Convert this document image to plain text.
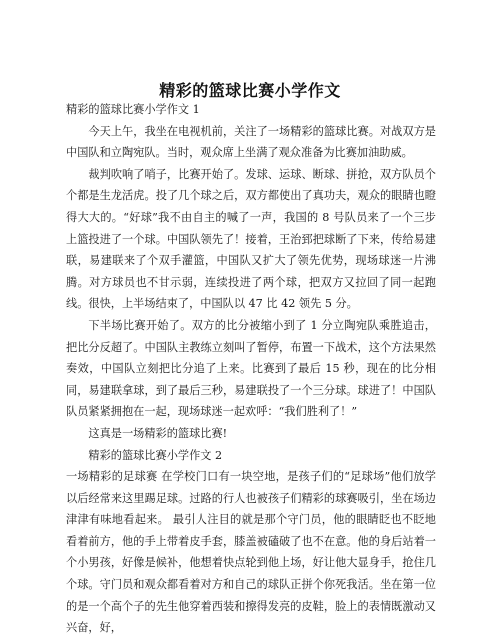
精彩的篮球比赛小学作文

精彩的篮球比赛小学作文 1

今天上午，我坐在电视机前，关注了一场精彩的篮球比赛。对战双方是中国队和立陶宛队。当时，观众席上坐满了观众准备为比赛加油助威。

裁判吹响了哨子，比赛开始了。发球、运球、断球、拼抢，双方队员个个都是生龙活虎。投了几个球之后，双方都使出了真功夫，观众的眼睛也瞪得大大的。“好球”我不由自主的喊了一声，我国的 8 号队员来了一个三步上篮投进了一个球。中国队领先了！接着，王治郅把球断了下来，传给易建联，易建联来了个双手灌篮，中国队又扩大了领先优势，现场球迷一片沸腾。对方球员也不甘示弱，连续投进了两个球，把双方又拉回了同一起跑线。很快，上半场结束了，中国队以 47 比 42 领先 5 分。

下半场比赛开始了。双方的比分被缩小到了 1 分立陶宛队乘胜追击，把比分反超了。中国队主教练立刻叫了暂停，布置一下战术，这个方法果然奏效，中国队立刻把比分追了上来。比赛到了最后 15 秒，现在的比分相同，易建联拿球，到了最后三秒，易建联投了一个三分球。球进了！中国队队员紧紧拥抱在一起，现场球迷一起欢呼：“我们胜利了！”

这真是一场精彩的篮球比赛!

精彩的篮球比赛小学作文 2

一场精彩的足球赛 在学校门口有一块空地，是孩子们的“足球场”他们放学以后经常来这里踢足球。过路的行人也被孩子们精彩的球赛吸引，坐在场边津津有味地看起来。 最引人注目的就是那个守门员，他的眼睛眨也不眨地看着前方，他的手上带着皮手套，膝盖被磕破了也不在意。他的身后站着一个小男孩，好像是候补，他想着快点轮到他上场，好让他大显身手，抢住几个球。守门员和观众都看着对方和自己的球队正拼个你死我活。坐在第一位的是一个高个子的先生他穿着西装和擦得发亮的皮鞋，脸上的表情既激动又兴奋，好，
